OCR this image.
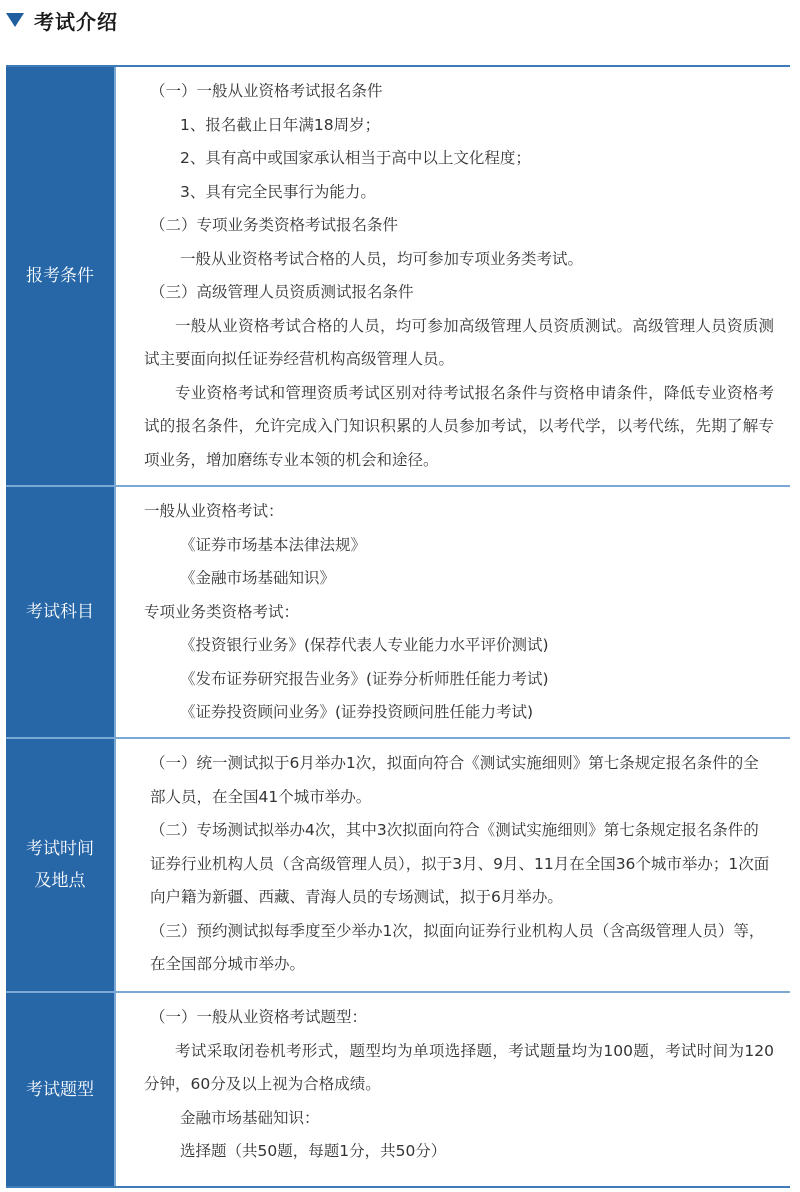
考试介绍
报考条件
（一）一般从业资格考试报名条件
1、报名截止日年满18周岁；
2、具有高中或国家承认相当于高中以上文化程度；
3、具有完全民事行为能力。
（二）专项业务类资格考试报名条件
一般从业资格考试合格的人员，均可参加专项业务类考试。
（三）高级管理人员资质测试报名条件
一般从业资格考试合格的人员，均可参加高级管理人员资质测试。高级管理人员资质测试主要面向拟任证券经营机构高级管理人员。
专业资格考试和管理资质考试区别对待考试报名条件与资格申请条件，降低专业资格考试的报名条件，允许完成入门知识积累的人员参加考试，以考代学，以考代练，先期了解专项业务，增加磨练专业本领的机会和途径。
考试科目
一般从业资格考试：
《证券市场基本法律法规》
《金融市场基础知识》
专项业务类资格考试：
《投资银行业务》(保荐代表人专业能力水平评价测试)
《发布证券研究报告业务》(证券分析师胜任能力考试)
《证券投资顾问业务》(证券投资顾问胜任能力考试)
考试时间
及地点
（一）统一测试拟于6月举办1次，拟面向符合《测试实施细则》第七条规定报名条件的全部人员，在全国41个城市举办。
（二）专场测试拟举办4次，其中3次拟面向符合《测试实施细则》第七条规定报名条件的证券行业机构人员（含高级管理人员），拟于3月、9月、11月在全国36个城市举办；1次面向户籍为新疆、西藏、青海人员的专场测试，拟于6月举办。
（三）预约测试拟每季度至少举办1次，拟面向证券行业机构人员（含高级管理人员）等，在全国部分城市举办。
考试题型
（一）一般从业资格考试题型：
考试采取闭卷机考形式，题型均为单项选择题，考试题量均为100题，考试时间为120分钟，60分及以上视为合格成绩。
金融市场基础知识：
选择题（共50题，每题1分，共50分）
